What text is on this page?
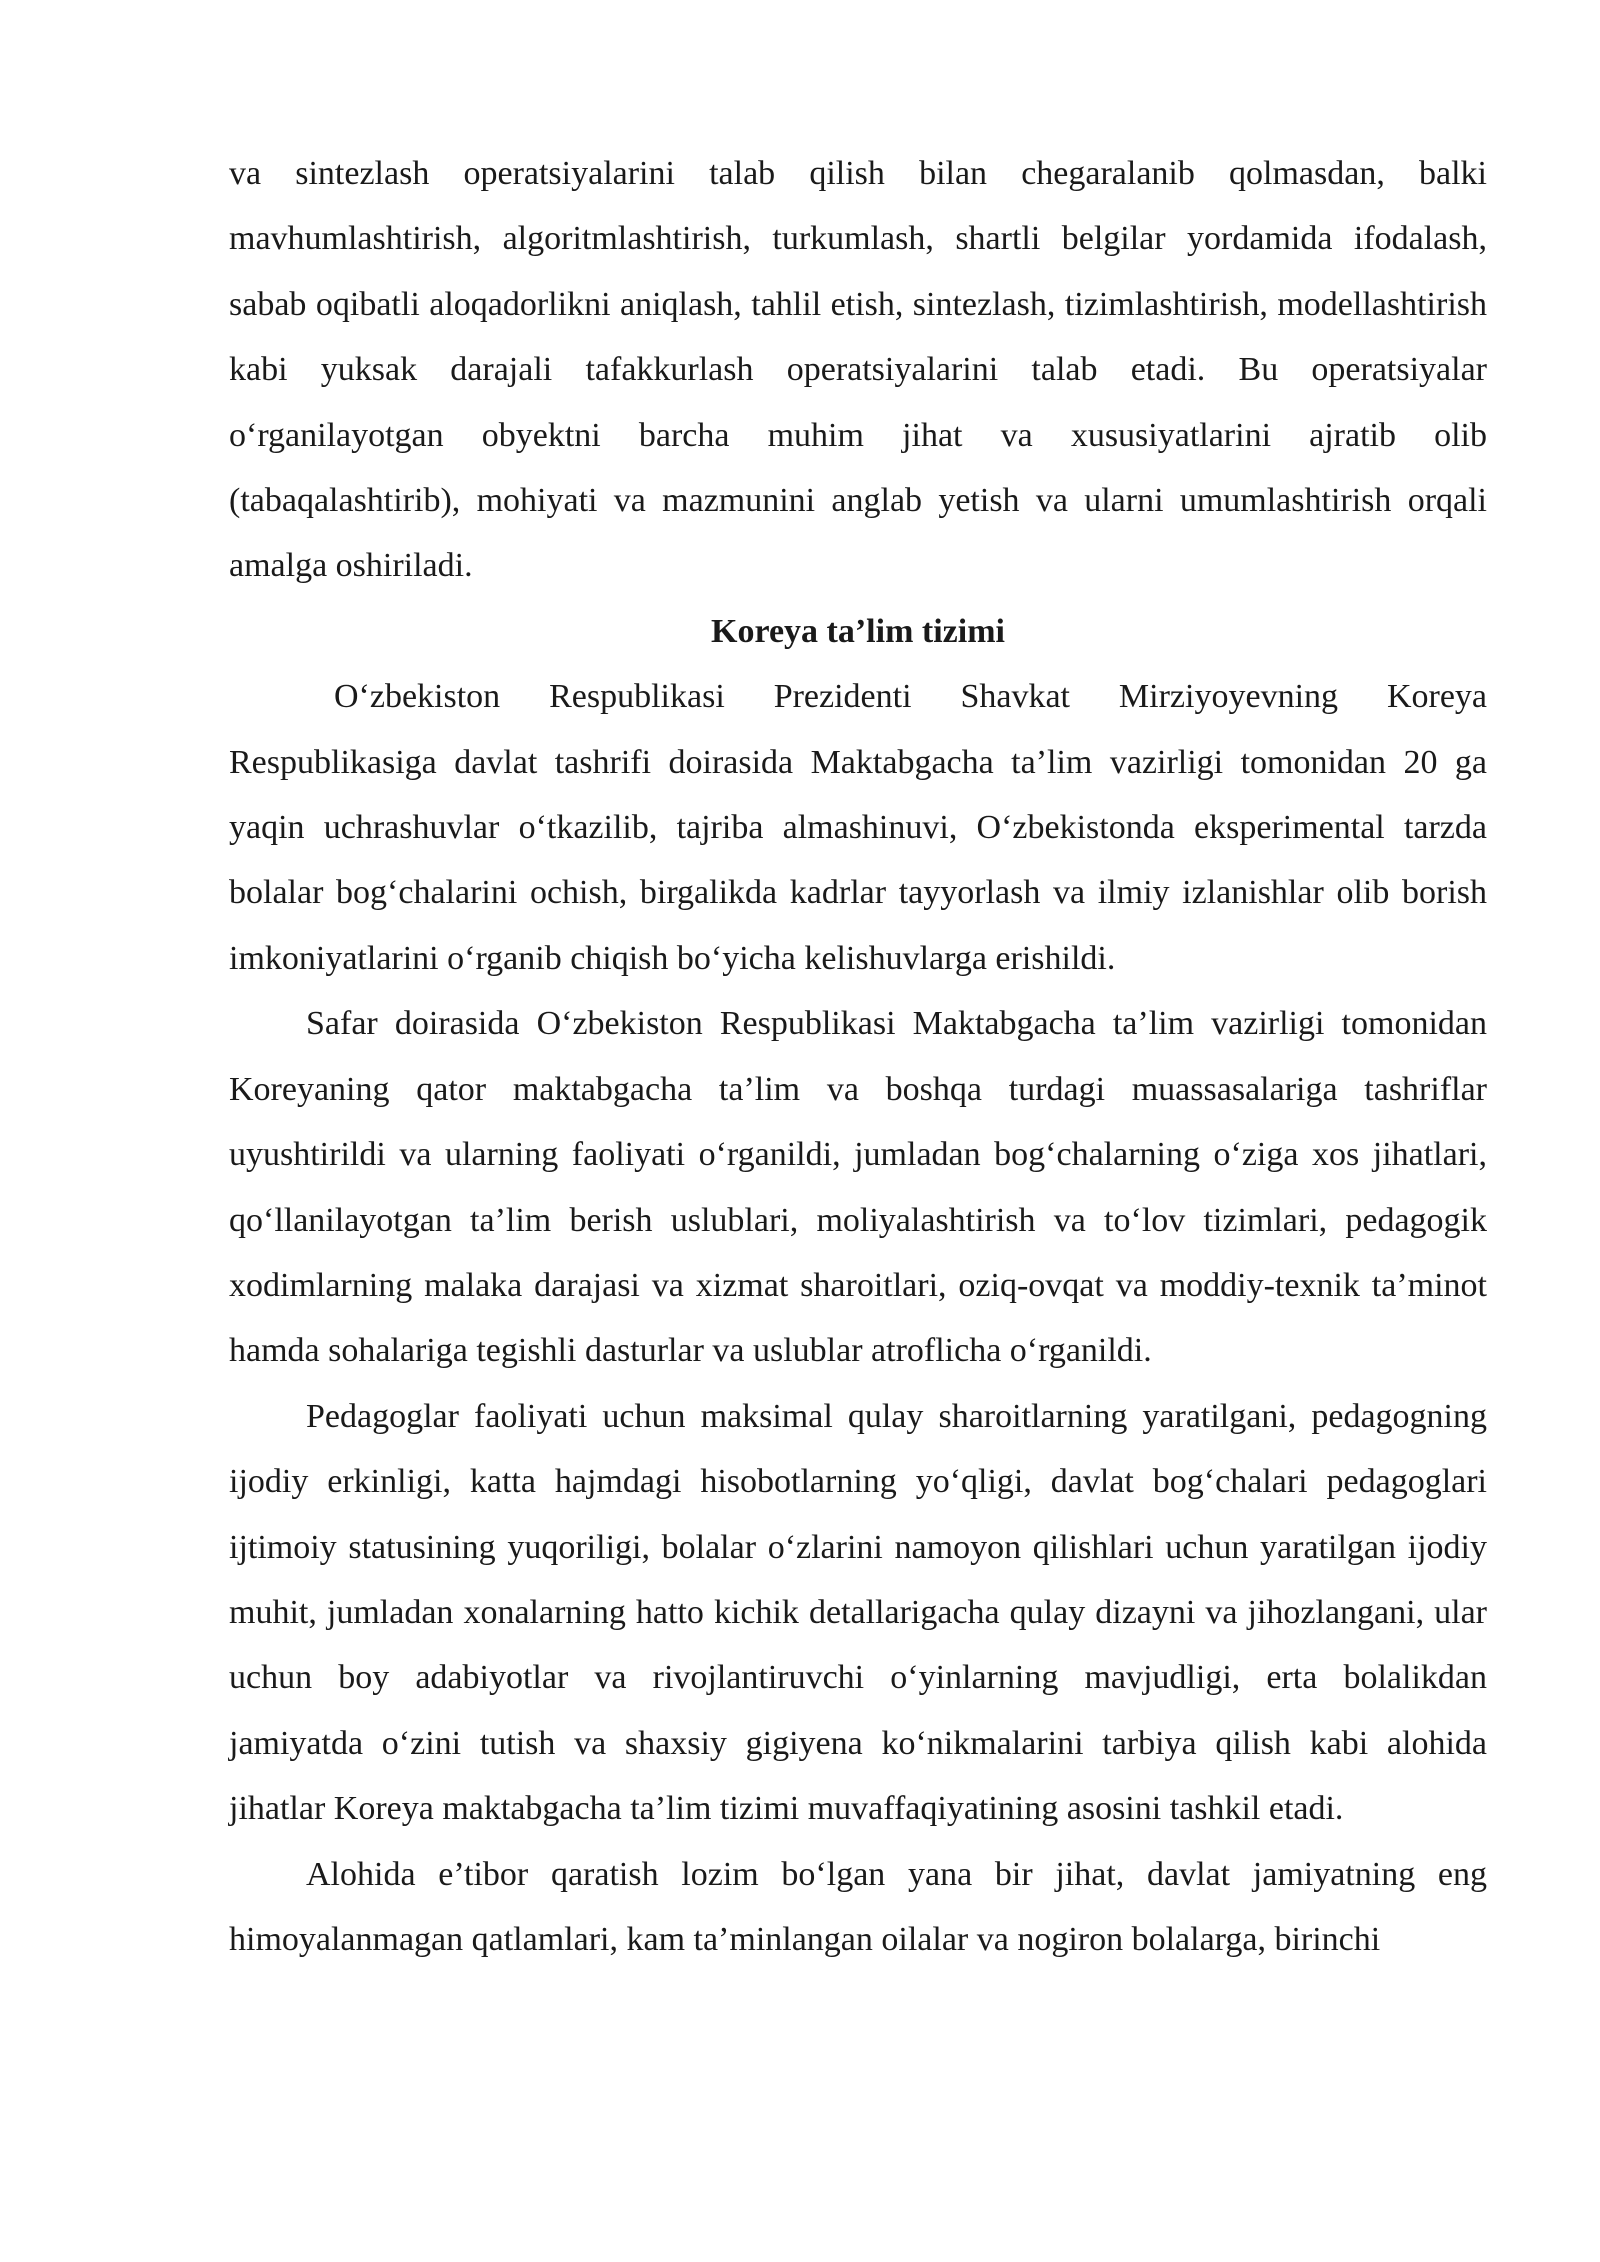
va sintezlash operatsiyalarini talab qilish bilan chegaralanib qolmasdan, balki mavhumlashtirish, algoritmlashtirish, turkumlash, shartli belgilar yordamida ifodalash, sabab oqibatli aloqadorlikni aniqlash, tahlil etish, sintezlash, tizimlashtirish, modellashtirish kabi yuksak darajali tafakkurlash operatsiyalarini talab etadi. Bu operatsiyalar o‘rganilayotgan obyektni barcha muhim jihat va xususiyatlarini ajratib olib (tabaqalashtirib), mohiyati va mazmunini anglab yetish va ularni umumlashtirish orqali amalga oshiriladi.

Koreya ta’lim tizimi

O‘zbekiston Respublikasi Prezidenti Shavkat Mirziyoyevning Koreya Respublikasiga davlat tashrifi doirasida Maktabgacha ta’lim vazirligi tomonidan 20 ga yaqin uchrashuvlar o‘tkazilib, tajriba almashinuvi, O‘zbekistonda eksperimental tarzda bolalar bog‘chalarini ochish, birgalikda kadrlar tayyorlash va ilmiy izlanishlar olib borish imkoniyatlarini o‘rganib chiqish bo‘yicha kelishuvlarga erishildi.

Safar doirasida O‘zbekiston Respublikasi Maktabgacha ta’lim vazirligi tomonidan Koreyaning qator maktabgacha ta’lim va boshqa turdagi muassasalariga tashriflar uyushtirildi va ularning faoliyati o‘rganildi, jumladan bog‘chalarning o‘ziga xos jihatlari, qo‘llanilayotgan ta’lim berish uslublari, moliyalashtirish va to‘lov tizimlari, pedagogik xodimlarning malaka darajasi va xizmat sharoitlari, oziq-ovqat va moddiy-texnik ta’minot hamda sohalariga tegishli dasturlar va uslublar atroflicha o‘rganildi.

Pedagoglar faoliyati uchun maksimal qulay sharoitlarning yaratilgani, pedagogning ijodiy erkinligi, katta hajmdagi hisobotlarning yo‘qligi, davlat bog‘chalari pedagoglari ijtimoiy statusining yuqoriligi, bolalar o‘zlarini namoyon qilishlari uchun yaratilgan ijodiy muhit, jumladan xonalarning hatto kichik detallarigacha qulay dizayni va jihozlangani, ular uchun boy adabiyotlar va rivojlantiruvchi o‘yinlarning mavjudligi, erta bolalikdan jamiyatda o‘zini tutish va shaxsiy gigiyena ko‘nikmalarini tarbiya qilish kabi alohida jihatlar Koreya maktabgacha ta’lim tizimi muvaffaqiyatining asosini tashkil etadi.

Alohida e’tibor qaratish lozim bo‘lgan yana bir jihat, davlat jamiyatning eng himoyalanmagan qatlamlari, kam ta’minlangan oilalar va nogiron bolalarga, birinchi
